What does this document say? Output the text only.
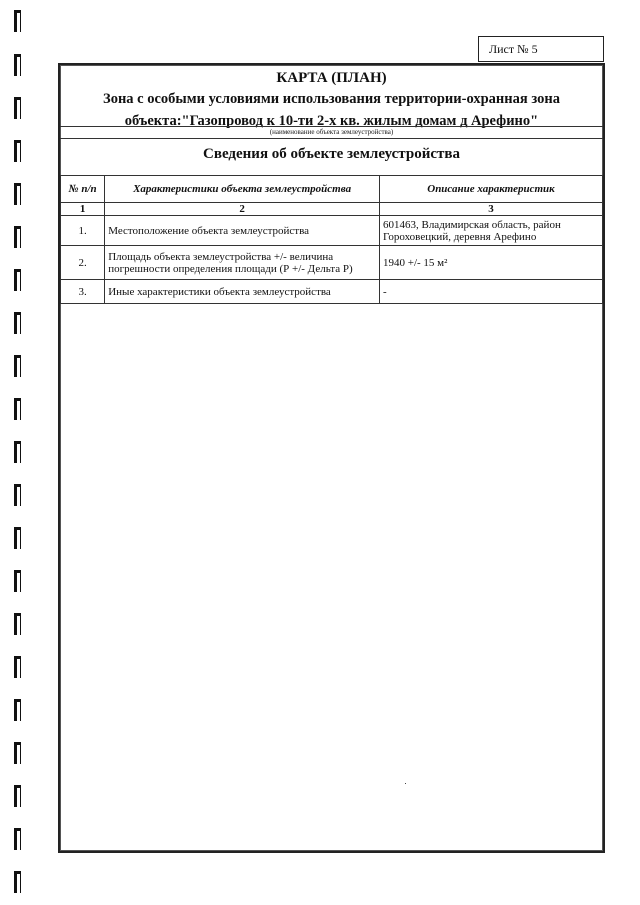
Лист № 5
КАРТА (ПЛАН)
Зона с особыми условиями использования территории-охранная зона
объекта:"Газопровод к 10-ти 2-х кв. жилым домам д Арефино"
(наименование объекта землеустройства)
Сведения об объекте землеустройства
№ п/п	Характеристики объекта землеустройства	Описание характеристик
1	2	3
1.	Местоположение объекта землеустройства	601463, Владимирская область, район Гороховецкий, деревня Арефино
2.	Площадь объекта землеустройства +/- величина погрешности определения площади (Р +/- Дельта Р)	1940 +/- 15 м²
3.	Иные характеристики объекта землеустройства	-
